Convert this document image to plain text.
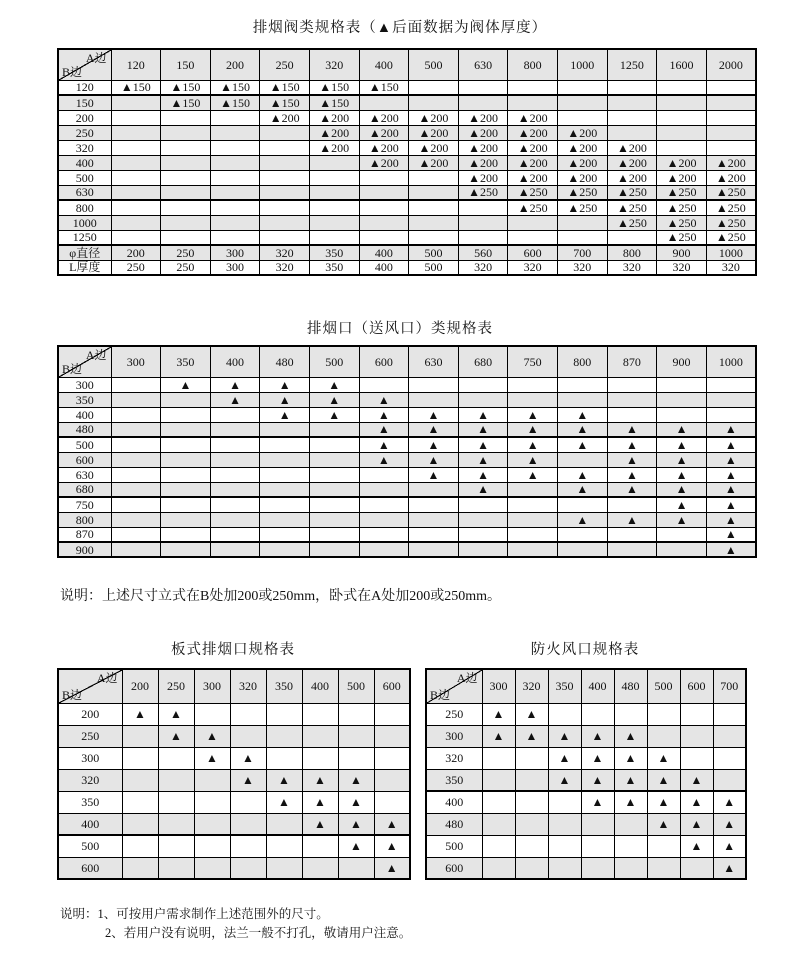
排烟阀类规格表（▲后面数据为阀体厚度）
排烟口（送风口）类规格表
板式排烟口规格表	防火风口规格表
A边
B边	120	150	200	250	320	400	500	630	800	1000	1250	1600	2000
120	▲150	▲150	▲150	▲150	▲150	▲150							
150		▲150	▲150	▲150	▲150								
200				▲200	▲200	▲200	▲200	▲200	▲200				
250					▲200	▲200	▲200	▲200	▲200	▲200			
320					▲200	▲200	▲200	▲200	▲200	▲200	▲200		
400						▲200	▲200	▲200	▲200	▲200	▲200	▲200	▲200
500								▲200	▲200	▲200	▲200	▲200	▲200
630								▲250	▲250	▲250	▲250	▲250	▲250
800									▲250	▲250	▲250	▲250	▲250
1000											▲250	▲250	▲250
1250												▲250	▲250
φ直径	200	250	300	320	350	400	500	560	600	700	800	900	1000
L厚度	250	250	300	320	350	400	500	320	320	320	320	320	320
A边
B边	300	350	400	480	500	600	630	680	750	800	870	900	1000
300		▲	▲	▲	▲								
350			▲	▲	▲	▲							
400				▲	▲	▲	▲	▲	▲	▲			
480						▲	▲	▲	▲	▲	▲	▲	▲
500						▲	▲	▲	▲	▲	▲	▲	▲
600						▲	▲	▲	▲		▲	▲	▲
630							▲	▲	▲	▲	▲	▲	▲
680								▲		▲	▲	▲	▲
750												▲	▲
800										▲	▲	▲	▲
870													▲
900													▲
A边
B边	200	250	300	320	350	400	500	600
200	▲	▲						
250		▲	▲					
300			▲	▲				
320				▲	▲	▲	▲	
350					▲	▲	▲	
400						▲	▲	▲
500							▲	▲
600								▲
A边
B边	300	320	350	400	480	500	600	700
250	▲	▲						
300	▲	▲	▲	▲	▲			
320			▲	▲	▲	▲		
350			▲	▲	▲	▲	▲	
400				▲	▲	▲	▲	▲
480						▲	▲	▲
500							▲	▲
600								▲
说明：上述尺寸立式在B处加200或250mm，卧式在A处加200或250mm。
说明：1、可按用户需求制作上述范围外的尺寸。
2、若用户没有说明，法兰一般不打孔，敬请用户注意。
